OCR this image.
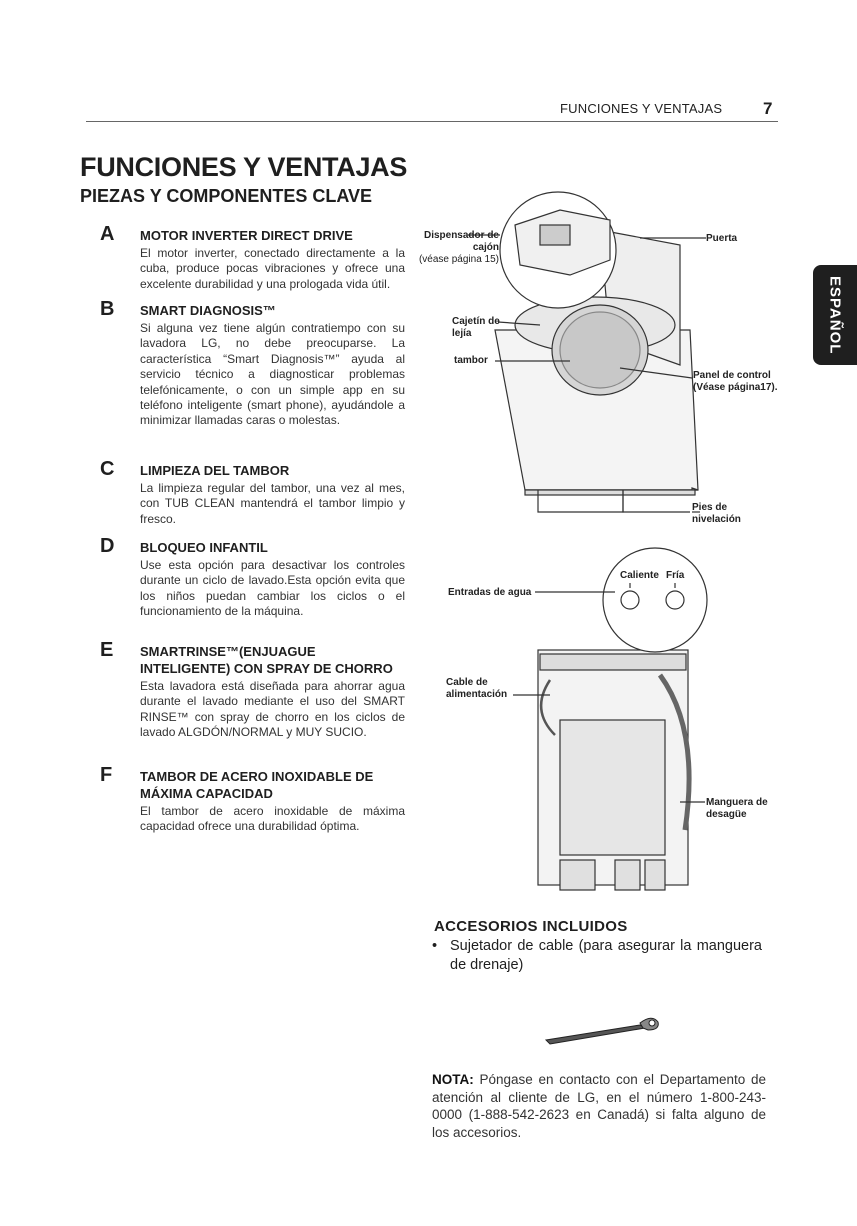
FUNCIONES Y VENTAJAS 7
ESPAÑOL
FUNCIONES Y VENTAJAS
PIEZAS Y COMPONENTES CLAVE
A MOTOR INVERTER DIRECT DRIVE
El motor inverter, conectado directamente a la cuba, produce pocas vibraciones y ofrece una excelente durabilidad y una prologada vida útil.
B SMART DIAGNOSIS™
Si alguna vez tiene algún contratiempo con su lavadora LG, no debe preocuparse. La característica “Smart Diagnosis™” ayuda al servicio técnico a diagnosticar problemas telefónicamente, o con un simple app en su teléfono inteligente (smart phone), ayudándole a minimizar llamadas caras o molestas.
C LIMPIEZA DEL TAMBOR
La limpieza regular del tambor, una vez al mes, con TUB CLEAN mantendrá el tambor limpio y fresco.
D BLOQUEO INFANTIL
Use esta opción para desactivar los controles durante un ciclo de lavado.Esta opción evita que los niños puedan cambiar los ciclos o el funcionamiento de la máquina.
E SMARTRINSE™(ENJUAGUE INTELIGENTE) CON SPRAY DE CHORRO
Esta lavadora está diseñada para ahorrar agua durante el lavado mediante el uso del SMART RINSE™ con spray de chorro en los ciclos de lavado ALGDÓN/NORMAL y MUY SUCIO.
F TAMBOR DE ACERO INOXIDABLE DE MÁXIMA CAPACIDAD
El tambor de acero inoxidable de máxima capacidad ofrece una durabilidad óptima.
Dispensador de cajón
(véase página 15)
Puerta
Cajetín de lejía
tambor
Panel de control
(Véase página17).
Pies de nivelación
Entradas de agua
Caliente Fría
Cable de alimentación
Manguera de desagüe
ACCESORIOS INCLUIDOS
• Sujetador de cable (para asegurar la manguera de drenaje)
NOTA: Póngase en contacto con el Departamento de atención al cliente de LG, en el número 1-800-243-0000 (1-888-542-2623 en Canadá) si falta alguno de los accesorios.
